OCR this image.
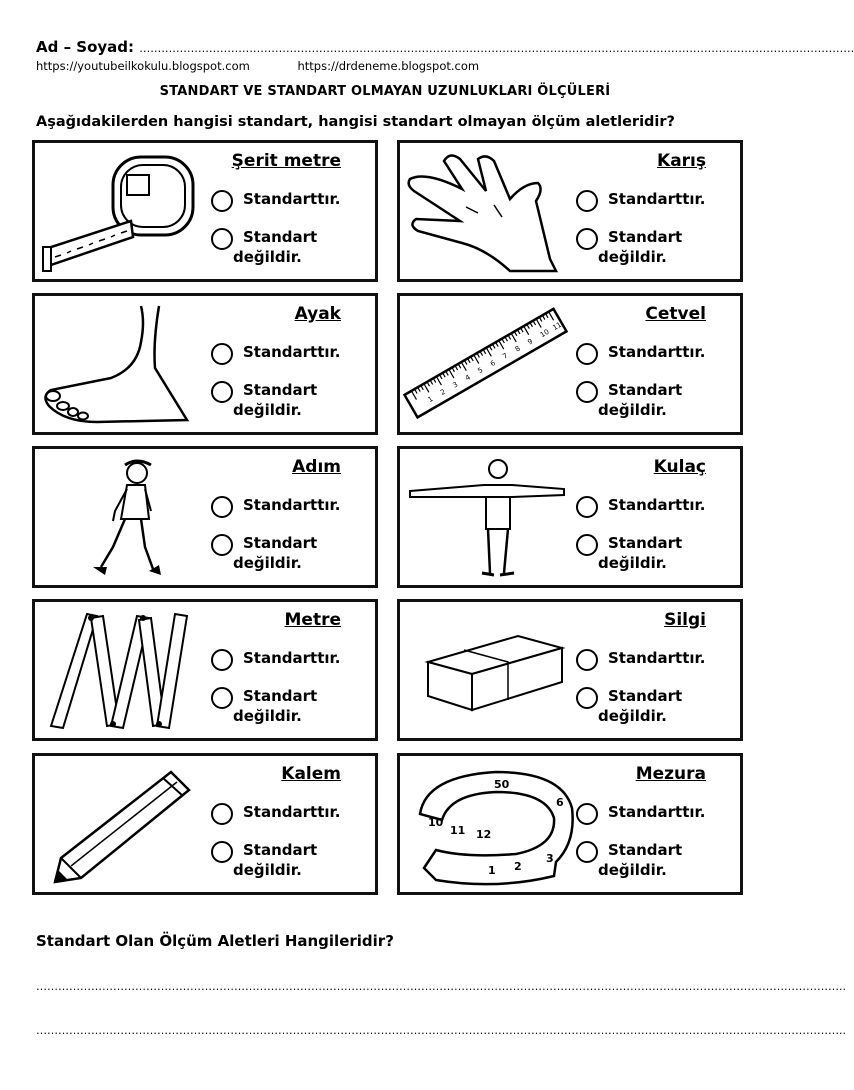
Ad – Soyad: ……………………………………………………………………………………………………………………………………………………………………………
https://youtubeilkokulu.blogspot.com	https://drdeneme.blogspot.com
STANDART VE STANDART OLMAYAN UZUNLUKLARI ÖLÇÜLERİ
Aşağıdakilerden hangisi standart, hangisi standart olmayan ölçüm aletleridir?
Şerit metre
Standarttır.
Standart
değildir.
Karış
Standarttır.
Standart
değildir.
Ayak
Standarttır.
Standart
değildir.
1
2
3
4
5
6
7
8
9
10
11
Cetvel
Standarttır.
Standart
değildir.
Adım
Standarttır.
Standart
değildir.
Kulaç
Standarttır.
Standart
değildir.
Metre
Standarttır.
Standart
değildir.
Silgi
Standarttır.
Standart
değildir.
Kalem
Standarttır.
Standart
değildir.
10
11 12
50
1 2
3
6
Mezura
Standarttır.
Standart
değildir.
Standart Olan Ölçüm Aletleri Hangileridir?
…………………………………………………………………………………………………………………………………………………………………………………………………..
…………………………………………………………………………………………………………………………………………………………………………………………………..
